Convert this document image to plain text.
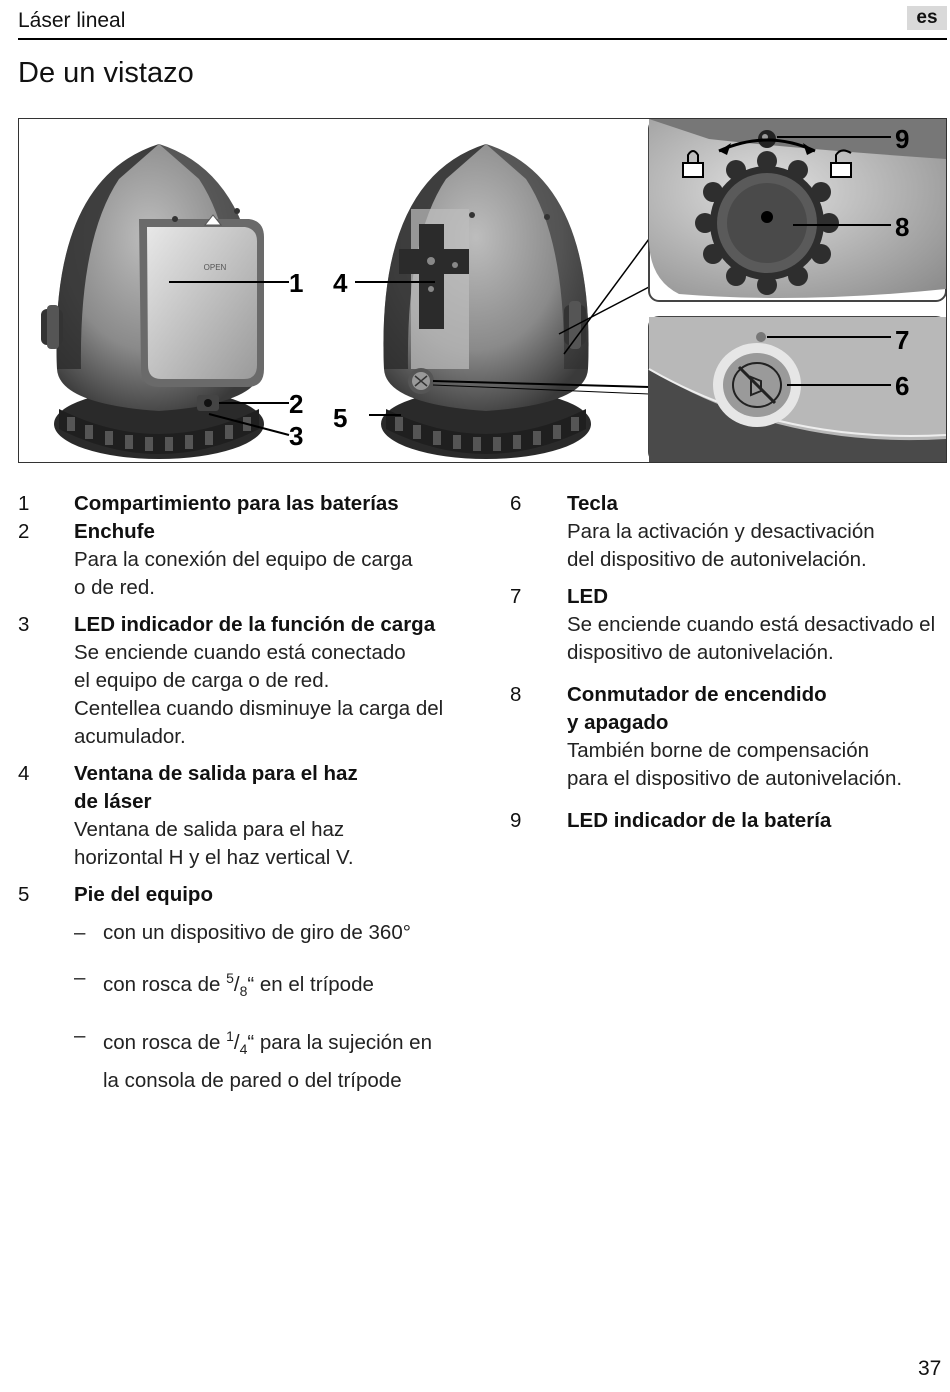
Láser lineal	es
De un vistazo
OPEN
1
2
3
4
5
6
7
8
9
1 Compartimiento para las baterías
2 Enchufe
Para la conexión del equipo de carga
o de red.
3 LED indicador de la función de carga
Se enciende cuando está conectado
el equipo de carga o de red.
Centellea cuando disminuye la carga del
acumulador.
4 Ventana de salida para el haz
de láser
Ventana de salida para el haz
horizontal H y el haz vertical V.
5 Pie del equipo
– con un dispositivo de giro de 360°
– con rosca de $^5/_8“$ en el trípode
– con rosca de $^1/_4“$ para la sujeción en
la consola de pared o del trípode
6 Tecla
Para la activación y desactivación
del dispositivo de autonivelación.
7 LED
Se enciende cuando está desactivado el
dispositivo de autonivelación.
8 Conmutador de encendido
y apagado
También borne de compensación
para el dispositivo de autonivelación.
9 LED indicador de la batería
37
